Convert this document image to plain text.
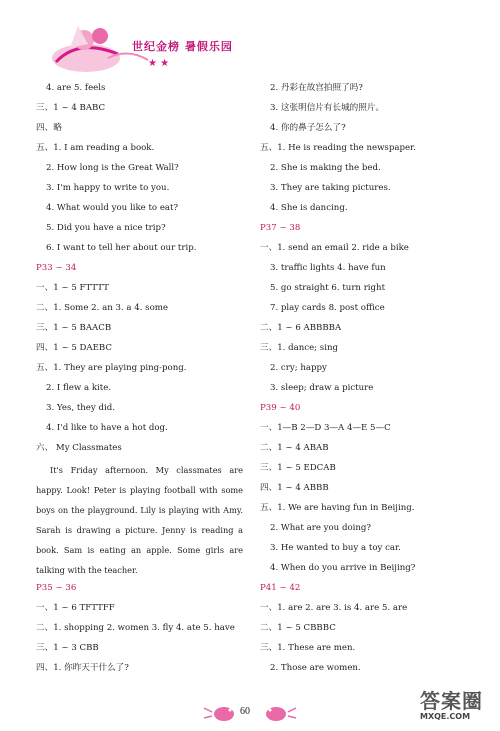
世纪金榜 暑假乐园
★ ★
4. are 5. feels
三、1 ~ 4 BABC
四、略
五、1. I am reading a book.
2. How long is the Great Wall?
3. I'm happy to write to you.
4. What would you like to eat?
5. Did you have a nice trip?
6. I want to tell her about our trip.
P33 ~ 34
一、1 ~ 5 FTTTT
二、1. Some 2. an 3. a 4. some
三、1 ~ 5 BAACB
四、1 ~ 5 DAEBC
五、1. They are playing ping-pong.
2. I flew a kite.
3. Yes, they did.
4. I'd like to have a hot dog.
六、 My Classmates
It's Friday afternoon. My classmates are happy. Look! Peter is playing football with some boys on the playground. Lily is playing with Amy. Sarah is drawing a picture. Jenny is reading a book. Sam is eating an apple. Some girls are talking with the teacher.
P35 ~ 36
一、1 ~ 6 TFTTFF
二、1. shopping 2. women 3. fly 4. ate 5. have
三、1 ~ 3 CBB
四、1. 你昨天干什么了?
2. 丹彩在故宫拍照了吗?
3. 这张明信片有长城的照片。
4. 你的鼻子怎么了?
五、1. He is reading the newspaper.
2. She is making the bed.
3. They are taking pictures.
4. She is dancing.
P37 ~ 38
一、1. send an email 2. ride a bike
3. traffic lights 4. have fun
5. go straight 6. turn right
7. play cards 8. post office
二、1 ~ 6 ABBBBA
三、1. dance; sing
2. cry; happy
3. sleep; draw a picture
P39 ~ 40
一、1—B 2—D 3—A 4—E 5—C
二、1 ~ 4 ABAB
三、1 ~ 5 EDCAB
四、1 ~ 4 ABBB
五、1. We are having fun in Beijing.
2. What are you doing?
3. He wanted to buy a toy car.
4. When do you arrive in Beijing?
P41 ~ 42
一、1. are 2. are 3. is 4. are 5. are
二、1 ~ 5 CBBBC
三、1. These are men.
2. Those are women.
60	答案圈
MXQE.COM
